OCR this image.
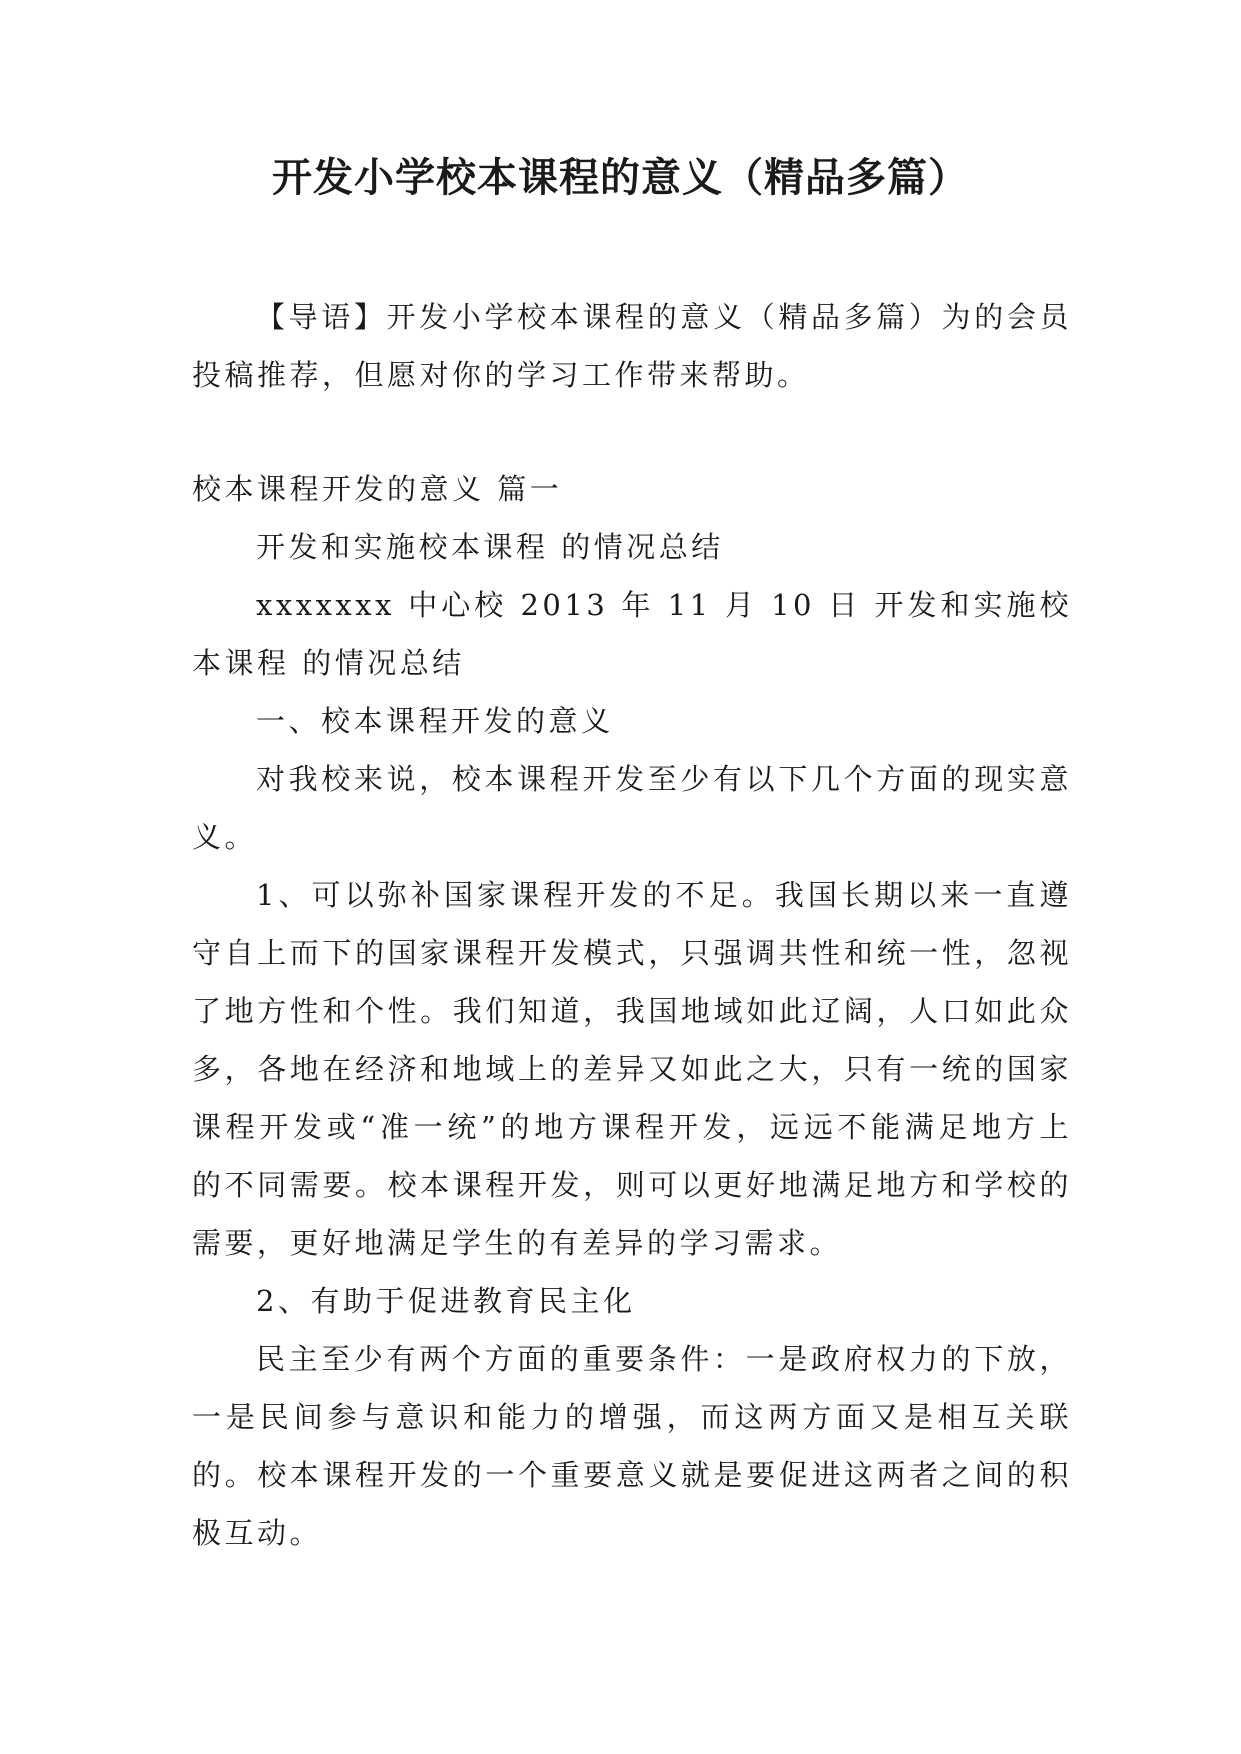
开发小学校本课程的意义（精品多篇）

【导语】开发小学校本课程的意义（精品多篇）为的会员投稿推荐，但愿对你的学习工作带来帮助。

校本课程开发的意义 篇一

开发和实施校本课程 的情况总结

xxxxxxx 中心校 2013 年 11 月 10 日 开发和实施校本课程 的情况总结

一、校本课程开发的意义

对我校来说，校本课程开发至少有以下几个方面的现实意义。

1、可以弥补国家课程开发的不足。我国长期以来一直遵守自上而下的国家课程开发模式，只强调共性和统一性，忽视了地方性和个性。我们知道，我国地域如此辽阔，人口如此众多，各地在经济和地域上的差异又如此之大，只有一统的国家课程开发或“准一统”的地方课程开发，远远不能满足地方上的不同需要。校本课程开发，则可以更好地满足地方和学校的需要，更好地满足学生的有差异的学习需求。

2、有助于促进教育民主化

民主至少有两个方面的重要条件：一是政府权力的下放，一是民间参与意识和能力的增强，而这两方面又是相互关联的。校本课程开发的一个重要意义就是要促进这两者之间的积极互动。
